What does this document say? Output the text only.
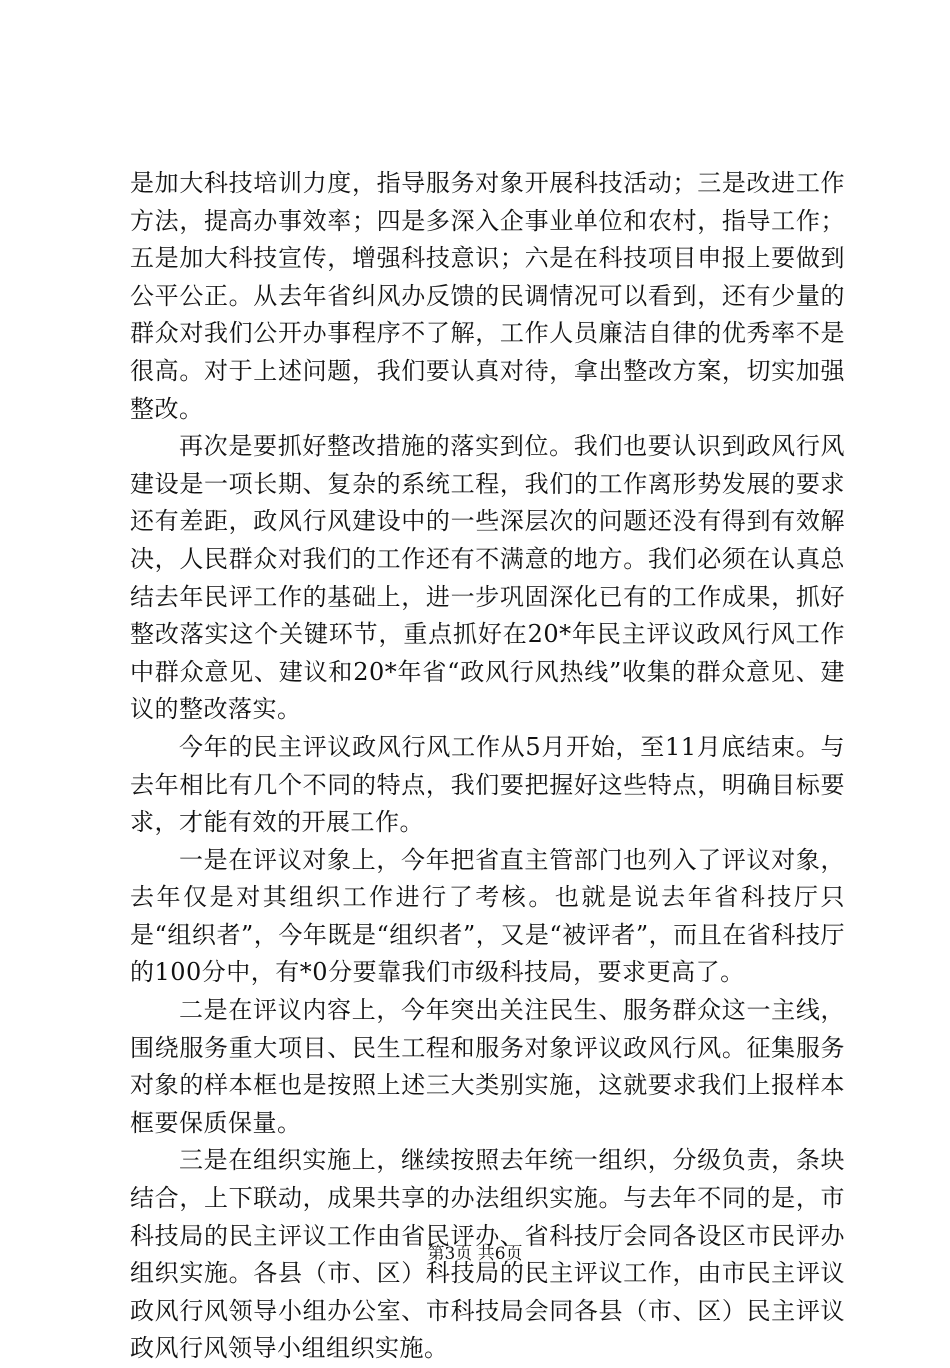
是加大科技培训力度，指导服务对象开展科技活动；三是改进工作方法，提高办事效率；四是多深入企事业单位和农村，指导工作；五是加大科技宣传，增强科技意识；六是在科技项目申报上要做到公平公正。从去年省纠风办反馈的民调情况可以看到，还有少量的群众对我们公开办事程序不了解，工作人员廉洁自律的优秀率不是很高。对于上述问题，我们要认真对待，拿出整改方案，切实加强整改。

再次是要抓好整改措施的落实到位。我们也要认识到政风行风建设是一项长期、复杂的系统工程，我们的工作离形势发展的要求还有差距，政风行风建设中的一些深层次的问题还没有得到有效解决，人民群众对我们的工作还有不满意的地方。我们必须在认真总结去年民评工作的基础上，进一步巩固深化已有的工作成果，抓好整改落实这个关键环节，重点抓好在20*年民主评议政风行风工作中群众意见、建议和20*年省“政风行风热线”收集的群众意见、建议的整改落实。

今年的民主评议政风行风工作从5月开始，至11月底结束。与去年相比有几个不同的特点，我们要把握好这些特点，明确目标要求，才能有效的开展工作。

一是在评议对象上，今年把省直主管部门也列入了评议对象，去年仅是对其组织工作进行了考核。也就是说去年省科技厅只是“组织者”，今年既是“组织者”，又是“被评者”，而且在省科技厅的100分中，有*0分要靠我们市级科技局，要求更高了。

二是在评议内容上，今年突出关注民生、服务群众这一主线，围绕服务重大项目、民生工程和服务对象评议政风行风。征集服务对象的样本框也是按照上述三大类别实施，这就要求我们上报样本框要保质保量。

三是在组织实施上，继续按照去年统一组织，分级负责，条块结合，上下联动，成果共享的办法组织实施。与去年不同的是，市科技局的民主评议工作由省民评办、省科技厅会同各设区市民评办组织实施。各县（市、区）科技局的民主评议工作，由市民主评议政风行风领导小组办公室、市科技局会同各县（市、区）民主评议政风行风领导小组组织实施。

第3页 共6页
